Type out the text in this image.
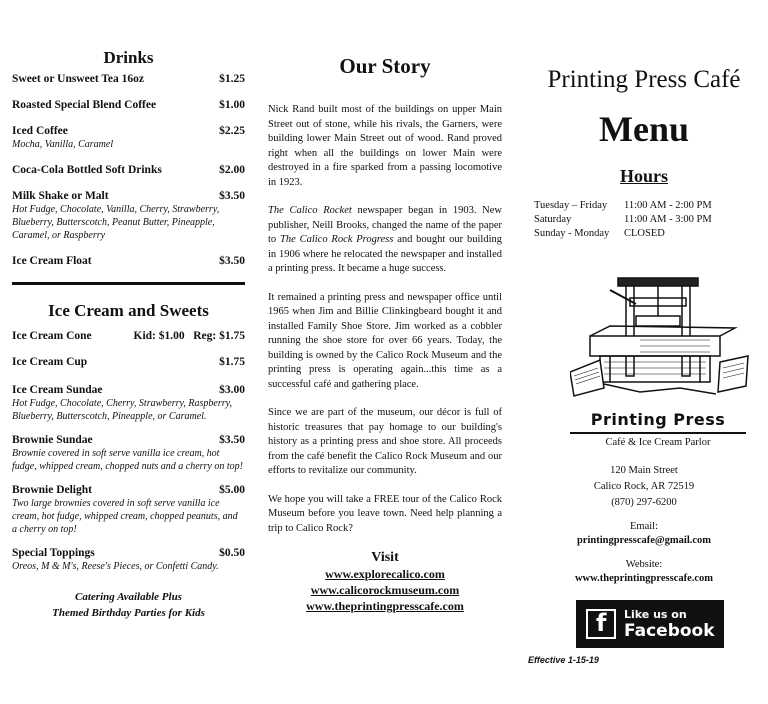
Drinks
Sweet or Unsweet Tea 16oz	$1.25
Roasted Special Blend Coffee	$1.00
Iced Coffee	$2.25
Mocha, Vanilla, Caramel
Coca-Cola Bottled Soft Drinks	$2.00
Milk Shake or Malt	$3.50
Hot Fudge, Chocolate, Vanilla, Cherry, Strawberry, Blueberry, Butterscotch, Peanut Butter, Pineapple, Caramel, or Raspberry
Ice Cream Float	$3.50
Ice Cream and Sweets
Ice Cream Cone	Kid: $1.00 Reg: $1.75
Ice Cream Cup	$1.75
Ice Cream Sundae	$3.00
Hot Fudge, Chocolate, Cherry, Strawberry, Raspberry, Blueberry, Butterscotch, Pineapple, or Caramel.
Brownie Sundae	$3.50
Brownie covered in soft serve vanilla ice cream, hot fudge, whipped cream, chopped nuts and a cherry on top!
Brownie Delight	$5.00
Two large brownies covered in soft serve vanilla ice cream, hot fudge, whipped cream, chopped peanuts, and a cherry on top!
Special Toppings	$0.50
Oreos, M & M's, Reese's Pieces, or Confetti Candy.
Catering Available Plus
Themed Birthday Parties for Kids
Our Story

Nick Rand built most of the buildings on upper Main Street out of stone, while his rivals, the Garners, were building lower Main Street out of wood. Rand proved right when all the buildings on lower Main were destroyed in a fire sparked from a passing locomotive in 1923.

The Calico Rocket newspaper began in 1903. New publisher, Neill Brooks, changed the name of the paper to The Calico Rock Progress and bought our building in 1906 where he relocated the newspaper and installed a printing press. It became a huge success.

It remained a printing press and newspaper office until 1965 when Jim and Billie Clinkingbeard bought it and installed Family Shoe Store. Jim worked as a cobbler running the shoe store for over 66 years. Today, the building is owned by the Calico Rock Museum and the printing press is operating again...this time as a successful café and gathering place.

Since we are part of the museum, our décor is full of historic treasures that pay homage to our building's history as a printing press and shoe store. All proceeds from the café benefit the Calico Rock Museum and our efforts to revitalize our community.

We hope you will take a FREE tour of the Calico Rock Museum before you leave town. Need help planning a trip to Calico Rock?

Visit
www.explorecalico.com
www.calicorockmuseum.com
www.theprintingpresscafe.com
Printing Press Café
Menu
Hours
Tuesday – Friday	11:00 AM - 2:00 PM
Saturday	11:00 AM - 3:00 PM
Sunday - Monday	CLOSED
Printing Press
Café & Ice Cream Parlor
120 Main Street
Calico Rock, AR 72519
(870) 297-6200
Email:
printingpresscafe@gmail.com
Website:
www.theprintingpresscafe.com
f Like us on
Facebook
Effective 1-15-19
